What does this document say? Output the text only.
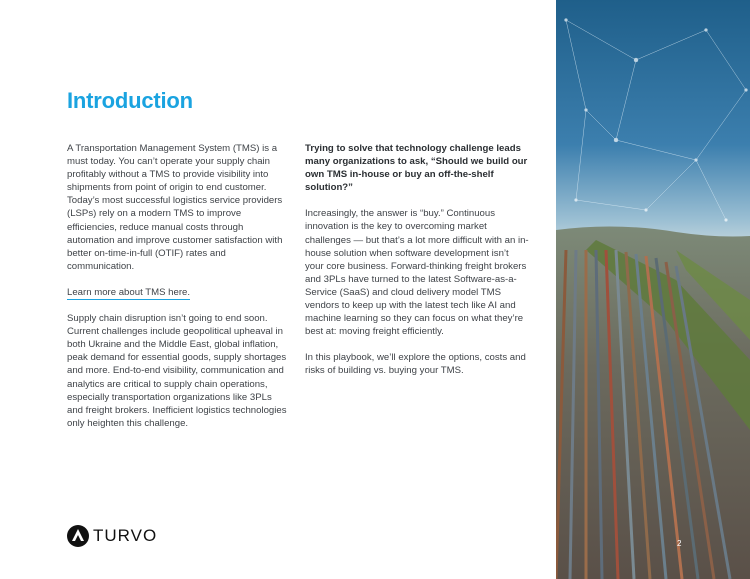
Introduction

A Transportation Management System (TMS) is a must today. You can’t operate your supply chain profitably without a TMS to provide visibility into shipments from point of origin to end customer. Today’s most successful logistics service providers (LSPs) rely on a modern TMS to improve efficiencies, reduce manual costs through automation and improve customer satisfaction with better on-time-in-full (OTIF) rates and communication.

Learn more about TMS here.

Supply chain disruption isn’t going to end soon. Current challenges include geopolitical upheaval in both Ukraine and the Middle East, global inflation, peak demand for essential goods, supply shortages and more. End-to-end visibility, communication and analytics are critical to supply chain operations, especially transportation organizations like 3PLs and freight brokers. Inefficient logistics technologies only heighten this challenge.

Trying to solve that technology challenge leads many organizations to ask, “Should we build our own TMS in-house or buy an off-the-shelf solution?”

Increasingly, the answer is “buy.” Continuous innovation is the key to overcoming market challenges — but that’s a lot more difficult with an in-house solution when software development isn’t your core business. Forward-thinking freight brokers and 3PLs have turned to the latest Software-as-a-Service (SaaS) and cloud delivery model TMS vendors to keep up with the latest tech like AI and machine learning so they can focus on what they’re best at: moving freight efficiently.

In this playbook, we’ll explore the options, costs and risks of building vs. buying your TMS.

TURVO	2
